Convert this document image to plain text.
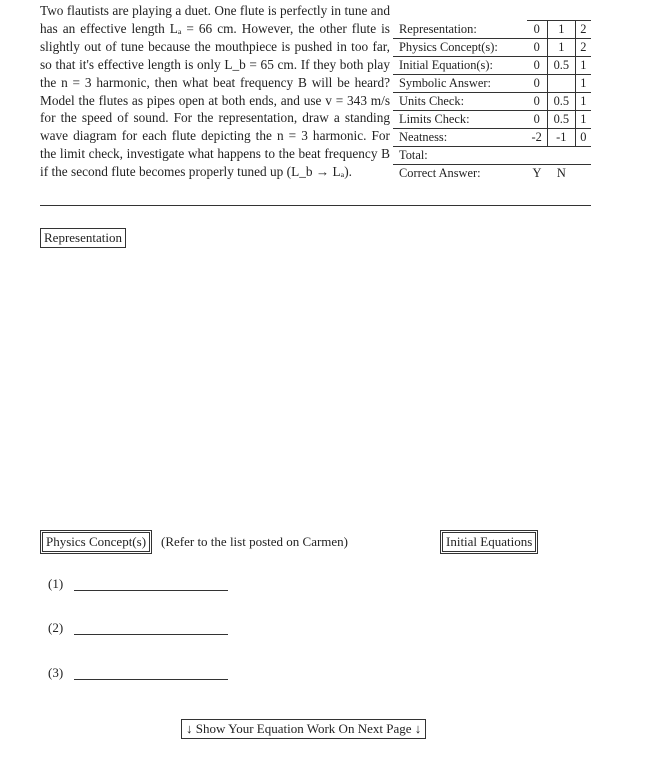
Two flautists are playing a duet. One flute is perfectly in tune and has an effective length Lₐ = 66 cm. However, the other flute is slightly out of tune because the mouthpiece is pushed in too far, so that it's effective length is only L_b = 65 cm. If they both play the n = 3 harmonic, then what beat frequency B will be heard? Model the flutes as pipes open at both ends, and use v = 343 m/s for the speed of sound. For the representation, draw a standing wave diagram for each flute depicting the n = 3 harmonic. For the limit check, investigate what happens to the beat frequency B if the second flute becomes properly tuned up (L_b → Lₐ).

Representation:	0	1	2
Physics Concept(s):	0	1	2
Initial Equation(s):	0	0.5	1
Symbolic Answer:	0		1
Units Check:	0	0.5	1
Limits Check:	0	0.5	1
Neatness:	-2	-1	0
Total:			
Correct Answer:	Y	N	
Representation
Physics Concept(s)	(Refer to the list posted on Carmen)	Initial Equations
(1)
(2)
(3)
↓ Show Your Equation Work On Next Page ↓
